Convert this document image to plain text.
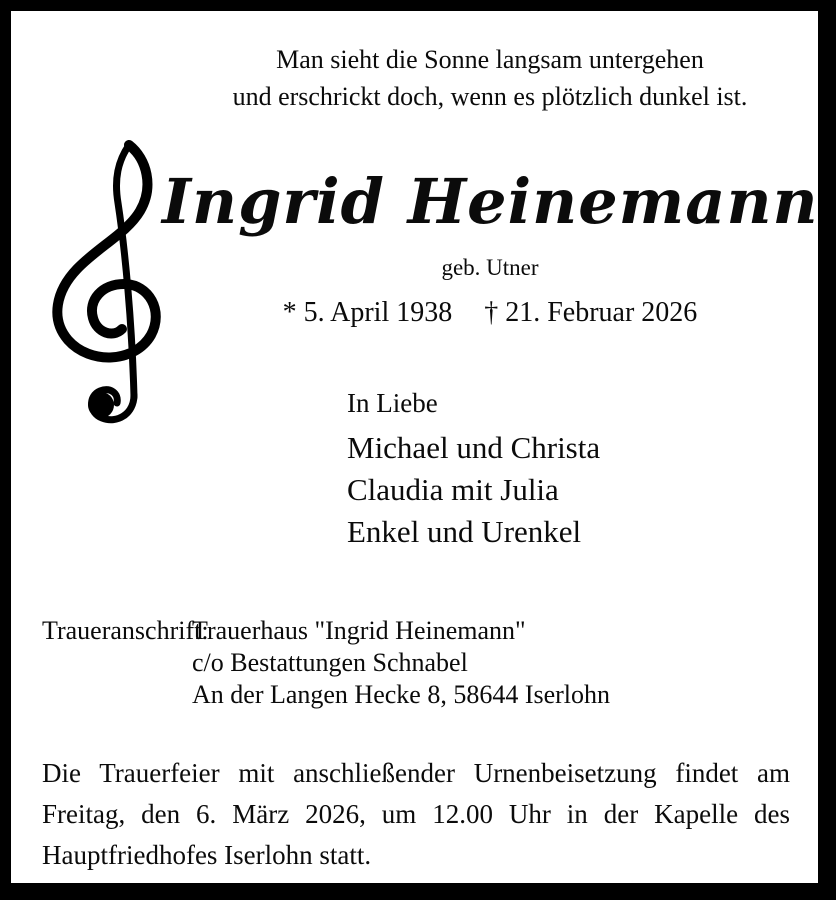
Man sieht die Sonne langsam untergehen
und erschrickt doch, wenn es plötzlich dunkel ist.
Ingrid Heinemann
geb. Utner
* 5. April 1938 † 21. Februar 2026
In Liebe
Michael und Christa
Claudia mit Julia
Enkel und Urenkel
Traueranschrift:
Trauerhaus "Ingrid Heinemann"
c/o Bestattungen Schnabel
An der Langen Hecke 8, 58644 Iserlohn

Die Trauerfeier mit anschließender Urnenbeisetzung findet am Freitag, den 6. März 2026, um 12.00 Uhr in der Kapelle des Hauptfriedhofes Iserlohn statt.
